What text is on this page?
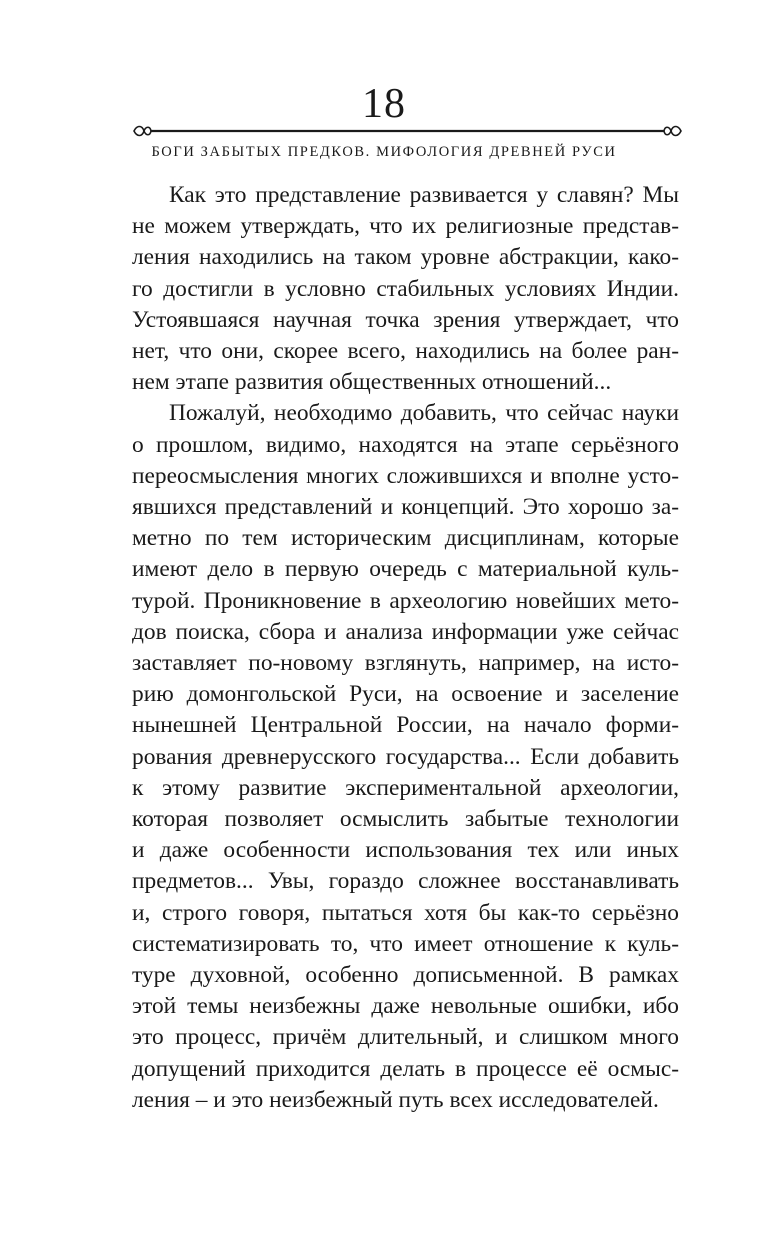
18
БОГИ ЗАБЫТЫХ ПРЕДКОВ. МИФОЛОГИЯ ДРЕВНЕЙ РУСИ
Как это представление развивается у славян? Мы
не можем утверждать, что их религиозные представ-
ления находились на таком уровне абстракции, како-
го достигли в условно стабильных условиях Индии.
Устоявшаяся научная точка зрения утверждает, что
нет, что они, скорее всего, находились на более ран-
нем этапе развития общественных отношений...
Пожалуй, необходимо добавить, что сейчас науки
о прошлом, видимо, находятся на этапе серьёзного
переосмысления многих сложившихся и вполне усто-
явшихся представлений и концепций. Это хорошо за-
метно по тем историческим дисциплинам, которые
имеют дело в первую очередь с материальной куль-
турой. Проникновение в археологию новейших мето-
дов поиска, сбора и анализа информации уже сейчас
заставляет по-новому взглянуть, например, на исто-
рию домонгольской Руси, на освоение и заселение
нынешней Центральной России, на начало форми-
рования древнерусского государства... Если добавить
к этому развитие экспериментальной археологии,
которая позволяет осмыслить забытые технологии
и даже особенности использования тех или иных
предметов... Увы, гораздо сложнее восстанавливать
и, строго говоря, пытаться хотя бы как-то серьёзно
систематизировать то, что имеет отношение к куль-
туре духовной, особенно дописьменной. В рамках
этой темы неизбежны даже невольные ошибки, ибо
это процесс, причём длительный, и слишком много
допущений приходится делать в процессе её осмыс-
ления – и это неизбежный путь всех исследователей.
